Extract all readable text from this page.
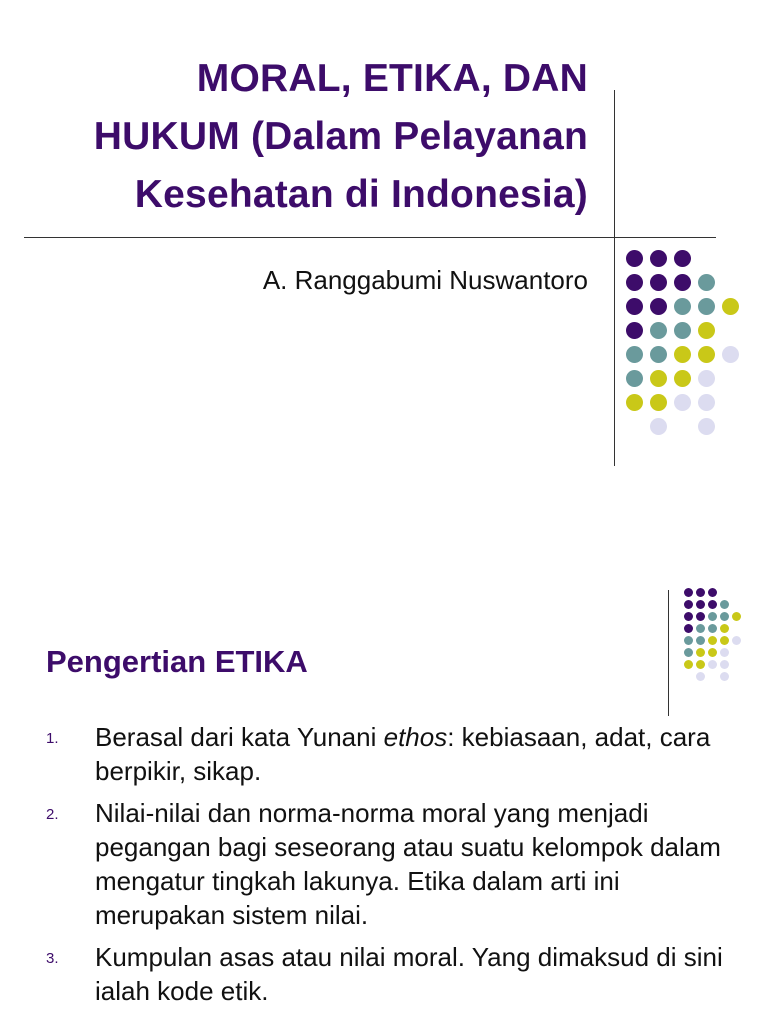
MORAL, ETIKA, DAN
HUKUM (Dalam Pelayanan
Kesehatan di Indonesia)
A. Ranggabumi Nuswantoro
Pengertian ETIKA
1. Berasal dari kata Yunani ethos: kebiasaan, adat, cara berpikir, sikap.
2. Nilai-nilai dan norma-norma moral yang menjadi pegangan bagi seseorang atau suatu kelompok dalam mengatur tingkah lakunya. Etika dalam arti ini merupakan sistem nilai.
3. Kumpulan asas atau nilai moral. Yang dimaksud di sini ialah kode etik.
